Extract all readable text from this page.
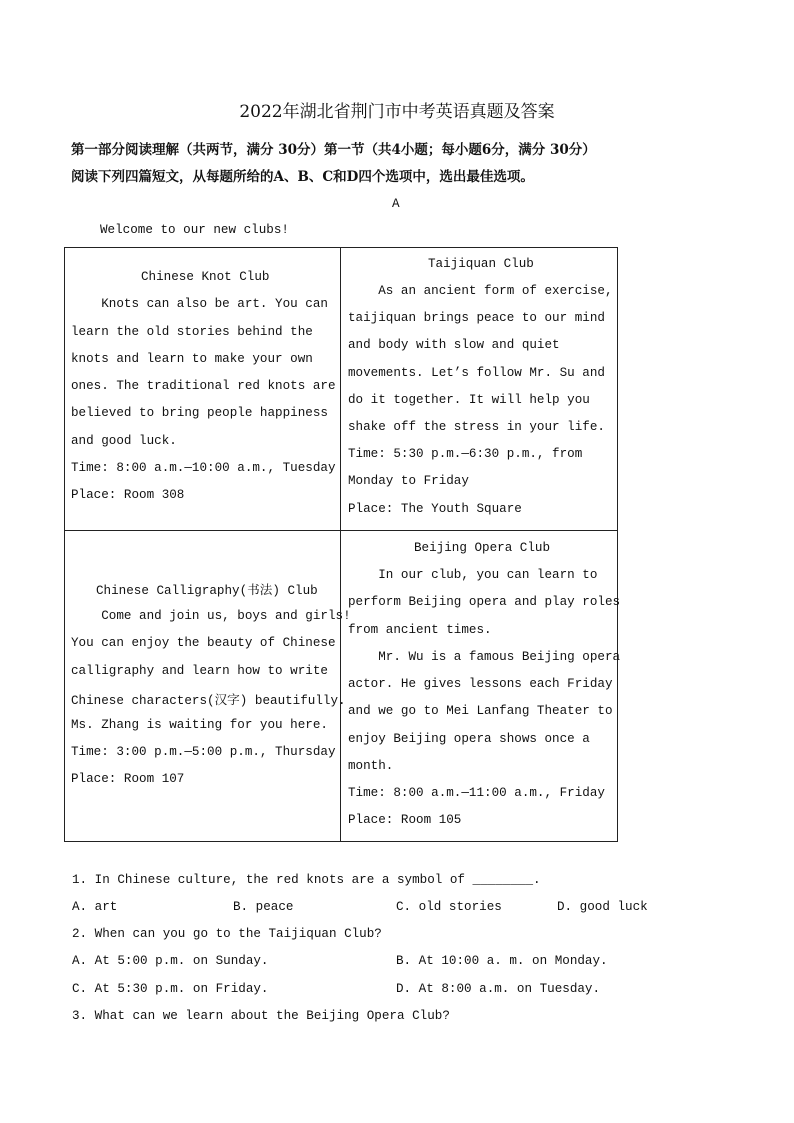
2022年湖北省荆门市中考英语真题及答案
第一部分阅读理解（共两节，满分 30分）第一节（共4小题；每小题6分，满分 30分）
阅读下列四篇短文，从每题所给的A、B、C和D四个选项中，选出最佳选项。
A
Welcome to our new clubs!
Chinese Knot Club
Knots can also be art. You can
learn the old stories behind the
knots and learn to make your own
ones. The traditional red knots are
believed to bring people happiness
and good luck.
Time: 8:00 a.m.—10:00 a.m., Tuesday
Place: Room 308
Taijiquan Club
As an ancient form of exercise,
taijiquan brings peace to our mind
and body with slow and quiet
movements. Let’s follow Mr. Su and
do it together. It will help you
shake off the stress in your life.
Time: 5:30 p.m.—6:30 p.m., from
Monday to Friday
Place: The Youth Square
Chinese Calligraphy(书法) Club
Come and join us, boys and girls!
You can enjoy the beauty of Chinese
calligraphy and learn how to write
Chinese characters(汉字) beautifully.
Ms. Zhang is waiting for you here.
Time: 3:00 p.m.—5:00 p.m., Thursday
Place: Room 107
Beijing Opera Club
In our club, you can learn to
perform Beijing opera and play roles
from ancient times.
Mr. Wu is a famous Beijing opera
actor. He gives lessons each Friday
and we go to Mei Lanfang Theater to
enjoy Beijing opera shows once a
month.
Time: 8:00 a.m.—11:00 a.m., Friday
Place: Room 105
1. In Chinese culture, the red knots are a symbol of ________.
A. art	B. peace	C. old stories	D. good luck
2. When can you go to the Taijiquan Club?
A. At 5:00 p.m. on Sunday.	B. At 10:00 a. m. on Monday.
C. At 5:30 p.m. on Friday.	D. At 8:00 a.m. on Tuesday.
3. What can we learn about the Beijing Opera Club?
